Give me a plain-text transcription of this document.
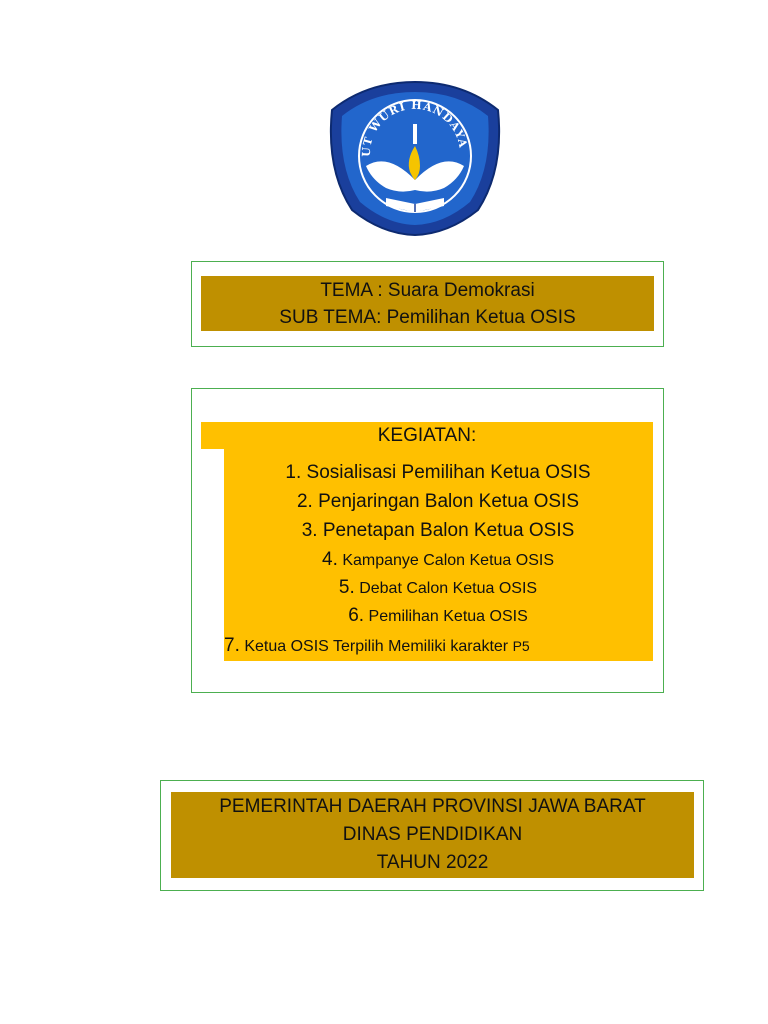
UT WURI HANDAYA
TEMA : Suara Demokrasi
SUB TEMA: Pemilihan Ketua OSIS
KEGIATAN:
1. Sosialisasi Pemilihan Ketua OSIS
2. Penjaringan Balon Ketua OSIS
3. Penetapan Balon Ketua OSIS
4. Kampanye Calon Ketua OSIS
5. Debat Calon Ketua OSIS
6. Pemilihan Ketua OSIS
7. Ketua OSIS Terpilih Memiliki karakter P5
PEMERINTAH DAERAH PROVINSI JAWA BARAT
DINAS PENDIDIKAN
TAHUN 2022
